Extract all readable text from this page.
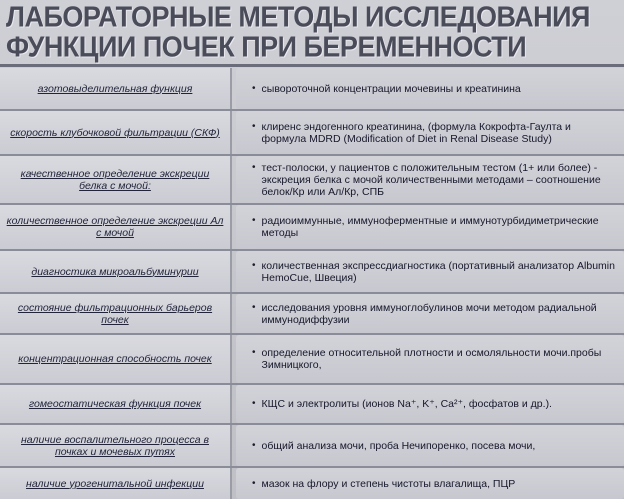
ЛАБОРАТОРНЫЕ МЕТОДЫ ИССЛЕДОВАНИЯ
ФУНКЦИИ ПОЧЕК ПРИ БЕРЕМЕННОСТИ
азотовыделительная функция	• сывороточной концентрации мочевины и креатинина
скорость клубочковой фильтрации (СКФ)
• клиренс эндогенного креатинина, (формула Кокрофта-Гаулта и формула MDRD (Modification of Diet in Renal Disease Study)
качественное определение экскреции белка с мочой:
• тест-полоски, у пациентов с положительным тестом (1+ или более) - экскреция белка с мочой количественными методами – соотношение белок/Кр или Ал/Кр, СПБ
количественное определение экскреции Ал с мочой
• радиоиммунные, иммуноферментные и иммунотурбидиметрические методы
диагностика микроальбуминурии
• количественная экспрессдиагностика (портативный анализатор Albumin HemoCue, Швеция)
состояние фильтрационных барьеров почек
• исследования уровня иммуноглобулинов мочи методом радиальной иммунодиффузии
концентрационная способность почек
• определение относительной плотности и осмоляльности мочи.пробы Зимницкого,
гомеостатическая функция почек	• КЩС и электролиты (ионов Na⁺, K⁺, Ca²⁺, фосфатов и др.).
наличие воспалительного процесса в почках и мочевых путях
• общий анализа мочи, проба Нечипоренко, посева мочи,
наличие урогенитальной инфекции	• мазок на флору и степень чистоты влагалища, ПЦР
